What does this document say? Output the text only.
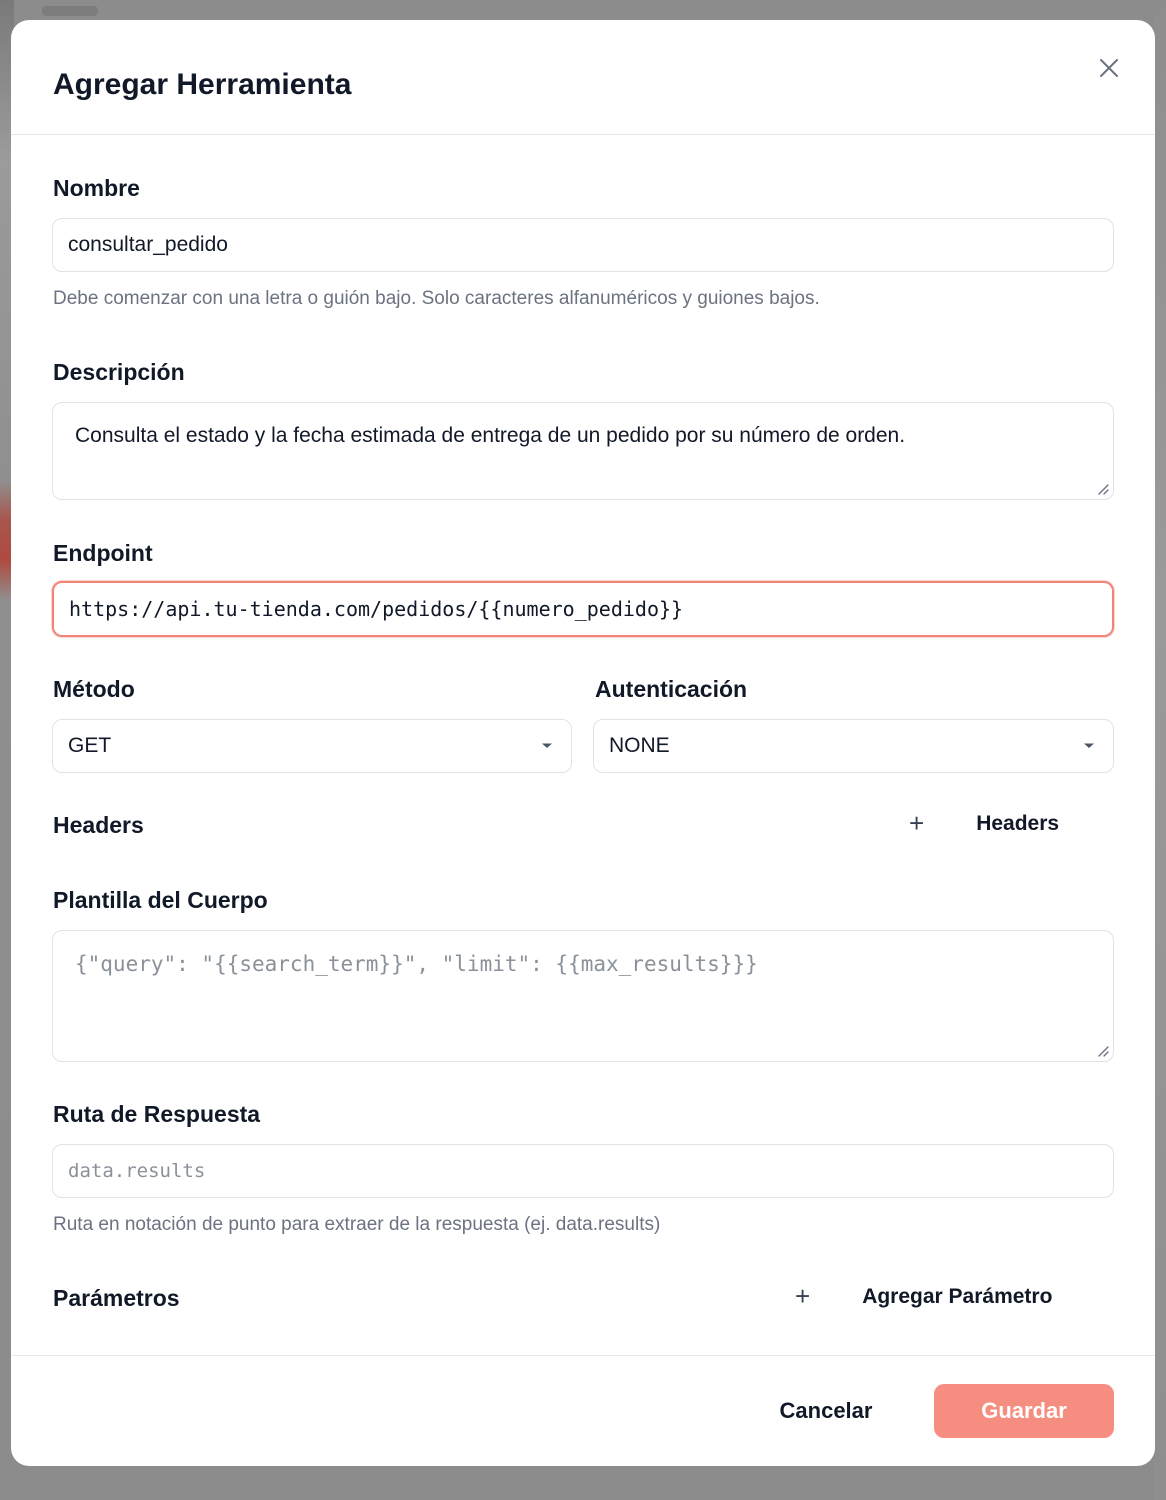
Agregar Herramienta
Nombre
consultar_pedido
Debe comenzar con una letra o guión bajo. Solo caracteres alfanuméricos y guiones bajos.
Descripción
Consulta el estado y la fecha estimada de entrega de un pedido por su número de orden.
Endpoint
https://api.tu-tienda.com/pedidos/{{numero_pedido}}
Método	Autenticación
GET	NONE
Headers	+ Headers
Plantilla del Cuerpo
{"query": "{{search_term}}", "limit": {{max_results}}}
Ruta de Respuesta
data.results
Ruta en notación de punto para extraer de la respuesta (ej. data.results)
Parámetros	+ Agregar Parámetro
Cancelar	Guardar
